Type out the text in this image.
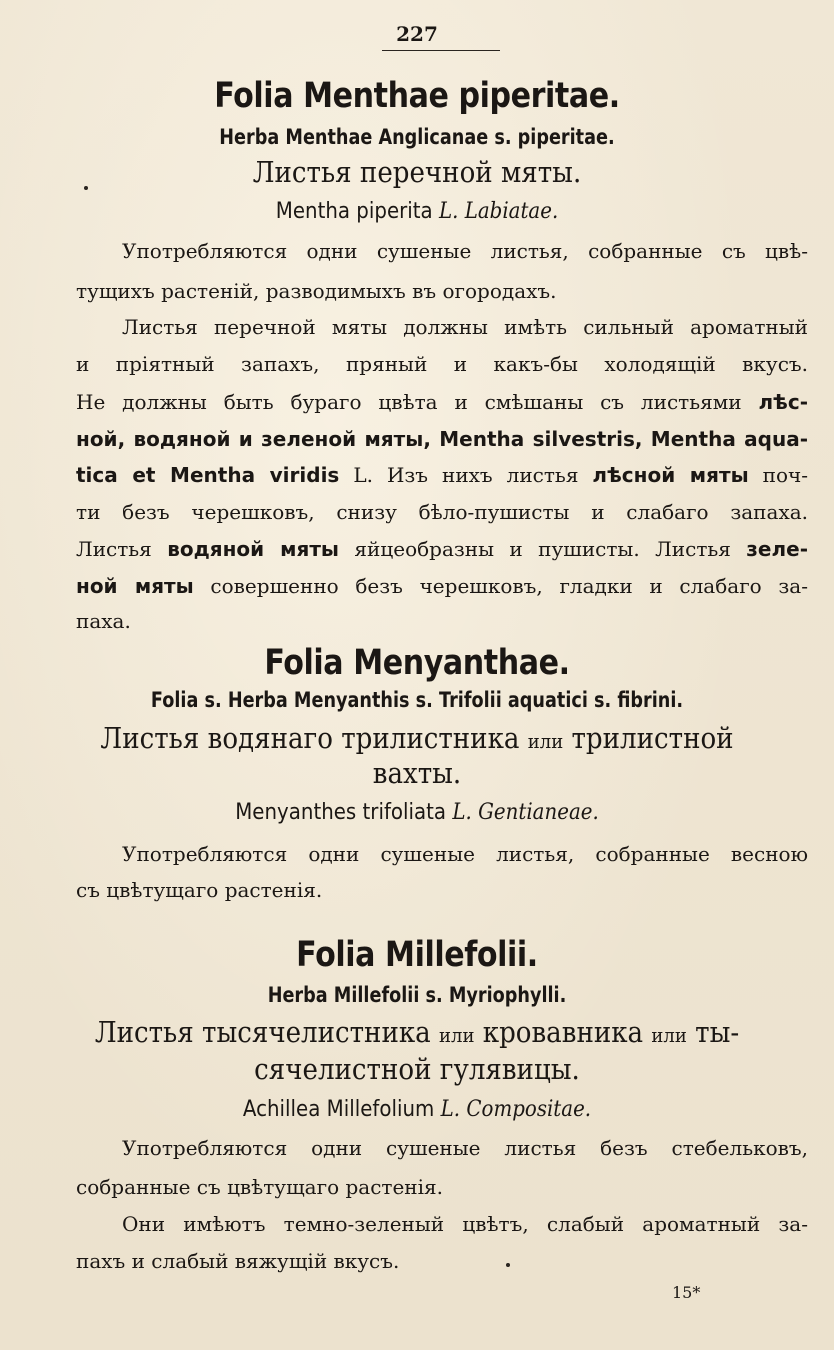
227
Folia Menthae piperitae.
Herba Menthae Anglicanae s. piperitae.
Листья перечной мяты.
Mentha piperita L. Labiatae.
Употребляются одни сушеные листья, собранные съ цвѣ-
тущихъ растеній, разводимыхъ въ огородахъ.
Листья перечной мяты должны имѣть сильный ароматный
и пріятный запахъ, пряный и какъ-бы холодящій вкусъ.
Не должны быть бураго цвѣта и смѣшаны съ листьями лѣс-
ной, водяной и зеленой мяты, Mentha silvestris, Mentha aqua-
tica et Mentha viridis L. Изъ нихъ листья лѣсной мяты поч-
ти безъ черешковъ, снизу бѣло-пушисты и слабаго запаха.
Листья водяной мяты яйцеобразны и пушисты. Листья зеле-
ной мяты совершенно безъ черешковъ, гладки и слабаго за-
паха.
Folia Menyanthae.
Folia s. Herba Menyanthis s. Trifolii aquatici s. fibrini.
Листья водянаго трилистника или трилистной
вахты.
Menyanthes trifoliata L. Gentianeae.
Употребляются одни сушеные листья, собранные весною
съ цвѣтущаго растенія.
Folia Millefolii.
Herba Millefolii s. Myriophylli.
Листья тысячелистника или кровавника или ты-
сячелистной гулявицы.
Achillea Millefolium L. Compositae.
Употребляются одни сушеные листья безъ стебельковъ,
собранные съ цвѣтущаго растенія.
Они имѣютъ темно-зеленый цвѣтъ, слабый ароматный за-
пахъ и слабый вяжущій вкусъ.
15*
